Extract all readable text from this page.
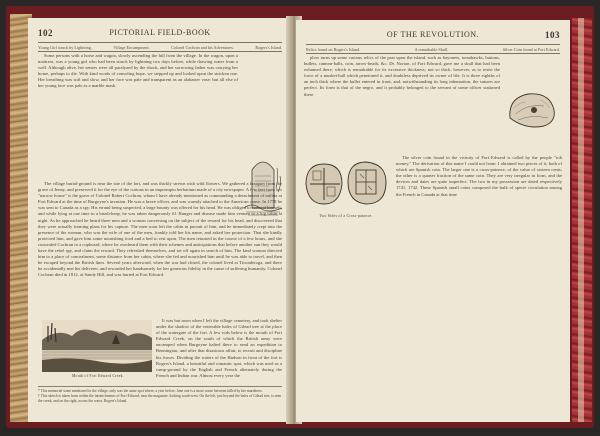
102	PICTORIAL FIELD-BOOK
Young Girl struck by Lightning.	Village Encampment.	Colonel Cochran and his Adventures.	Rogers's Island.

Some persons with a horse and wagon, slowly ascending the hill from the village. In the wagon, upon a mattress, was a young girl who had been struck by lightning two days before, while drawing water from a well. Although alive, her senses were all paralyzed by the shock, and her sorrowing father was carrying her home, perhaps to die. With kind words of consoling hope, we stepped up and looked upon the stricken one. Her breathing was soft and slow, and her face was pale and transparent as an alabaster vase; but all else of her young face was pale as a marble mask.

The village burial-ground is near the site of the fort, and was thickly strewn with wild flowers. We gathered a bouquet from the grave of Jenny, and preserved it for the eye of the curious in an impromptu herbarium made of a city newspaper. A few feet from her "narrow house" is the grave of Colonel Robert Cochran, whom I have already mentioned as commanding a detachment of militia at Fort Edward at the time of Burgoyne's invasion. He was a brave officer, and was warmly attached to the American cause. In 1778 he was sent to Canada as a spy. His errand being suspected, a large bounty was offered for his head. He was obliged to conceal himself, and while lying at one time in a brush-heap, he was taken dangerously ill. Hunger and disease made him venture to a log cabin at night. As he approached he heard three men and a woman conversing on the subject of the reward for his head, and discovered that they were actually forming plans for his capture. The men soon left the cabin in pursuit of him, and he immediately crept into the presence of the woman, who was the wife of one of the men, frankly told her his name, and asked her protection. That she kindly protected him, and gave him some nourishing food and a bed to rest upon. The men returned in the course of a few hours, and she concealed Cochran in a cupboard, where he overheard them with their schemes and anticipations that before another sun they would have the rebel spy, and claim the reward. They refreshed themselves, and set off again in search of him. The kind woman directed him to a place of concealment, some distance from her cabin, where she fed and nourished him until he was able to travel, and then he escaped beyond the British lines. Several years afterward, when the war had closed, the colonel lived at Ticonderoga, and there he accidentally met his deliverer, and rewarded her handsomely for her generous fidelity in the cause of suffering humanity. Colonel Cochran died in 1812, at Sandy Hill, and was buried at Fort Edward.

Mouth of Fort Edward Creek.

It was but noon when I left the village cemetery, and took shelter under the shadow of the venerable bales of Gilead tree at the place of the watergate of the fort. A few rods below is the mouth of Fort Edward Creek, on the south of which the British army were encamped when Burgoyne halted there to send an expedition to Bennington, and after that disastrous affair, to recruit and discipline his forces. Dividing the waters of the Hudson in front of the fort is Rogers's Island, a beautiful and romantic spot, which was used as a camp-ground by the English and French alternately during the French and Indian war. Almost every year the

* This memorial stone mentioned in the village, only was the same spot where, a year before, Jane one is a more waste between killed by her murderers.

† This sketch is taken from within the intrenchments of Fort Edward, near the magazine, looking south-west. On the left, just beyond the bales of Gilead tree, is seen the creek, and on the right, across the water, Rogers's Island.

OF THE REVOLUTION.	103
Relics found on Rogers's Island.	A remarkable Skull.	Silver Coin found at Fort Edward.

plow turns up some curious relics of the past upon the island, such as bayonets, tomahawks, buttons, bullets, cannon-balls, coin, arrow-heads, &c. Dr. Norton, of Fort Edward, gave me a skull that had been exhumed there, which is remarkable for its excessive thickness; not so thick, however, as to resist the force of a musket-ball which penetrated it, and doubtless deprived its owner of life. It is three eighths of an inch thick where the bullet entered in front, and, notwithstanding its long inhumation, the sutures are perfect. Its form is that of the negro, and it probably belonged to the servant of some officer stationed there.

Two Sides of a Cross-patonce.

The silver coin found in the vicinity of Fort Edward is called by the people "rob money." The derivation of this name I could not learn. I obtained two pieces of it, both of which are Spanish coin. The larger one is a cross-patonce, of the value of sixteen cents; the other is a quarter fraction of the same coin. They are very irregular in form, and the devices and dates are quite imperfect. The two in my possession are dated respectively 1741, 1742. These Spanish small coins composed the bulk of specie circulation among the French in Canada at that time
